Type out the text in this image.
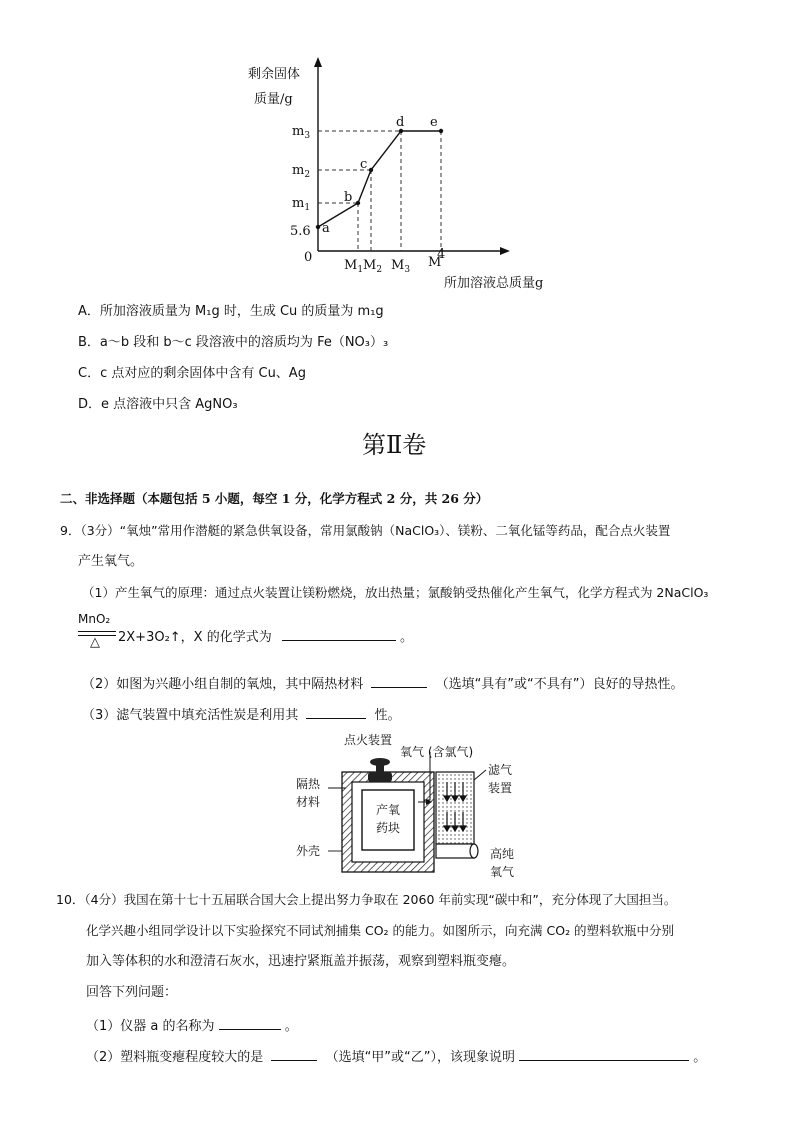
剩余固体
质量/g
0
a
b
c
d e
$m_3$
$m_2$
$m_1$
5.6
$M_1$ $M_2$ $M_3$ M
4
所加溶液总质量g
A．所加溶液质量为 M₁g 时，生成 Cu 的质量为 m₁g
B．a～b 段和 b～c 段溶液中的溶质均为 Fe（NO₃）₃
C．c 点对应的剩余固体中含有 Cu、Ag
D．e 点溶液中只含 AgNO₃
第Ⅱ卷
二、非选择题（本题包括 5 小题，每空 1 分，化学方程式 2 分，共 26 分）
9．（3分）“氧烛”常用作潜艇的紧急供氧设备，常用氯酸钠（NaClO₃）、镁粉、二氧化锰等药品，配合点火装置
产生氧气。
（1）产生氧气的原理：通过点火装置让镁粉燃烧，放出热量；氯酸钠受热催化产生氧气，化学方程式为 2NaClO₃
MnO₂
△ 2X+3O₂↑，X 的化学式为	。
（2）如图为兴趣小组自制的氧烛，其中隔热材料	（选填“具有”或“不具有”）良好的导热性。
（3）滤气装置中填充活性炭是利用其	性。
点火装置
氧气 (含氯气)
隔热
材料
产氧
药块
外壳
滤气
装置
高纯
氧气
10．（4分）我国在第十七十五届联合国大会上提出努力争取在 2060 年前实现“碳中和”，充分体现了大国担当。
化学兴趣小组同学设计以下实验探究不同试剂捕集 CO₂ 的能力。如图所示，向充满 CO₂ 的塑料软瓶中分别
加入等体积的水和澄清石灰水，迅速拧紧瓶盖并振荡，观察到塑料瓶变瘪。
回答下列问题：
（1）仪器 a 的名称为	。
（2）塑料瓶变瘪程度较大的是	（选填“甲”或“乙”），该现象说明	。
